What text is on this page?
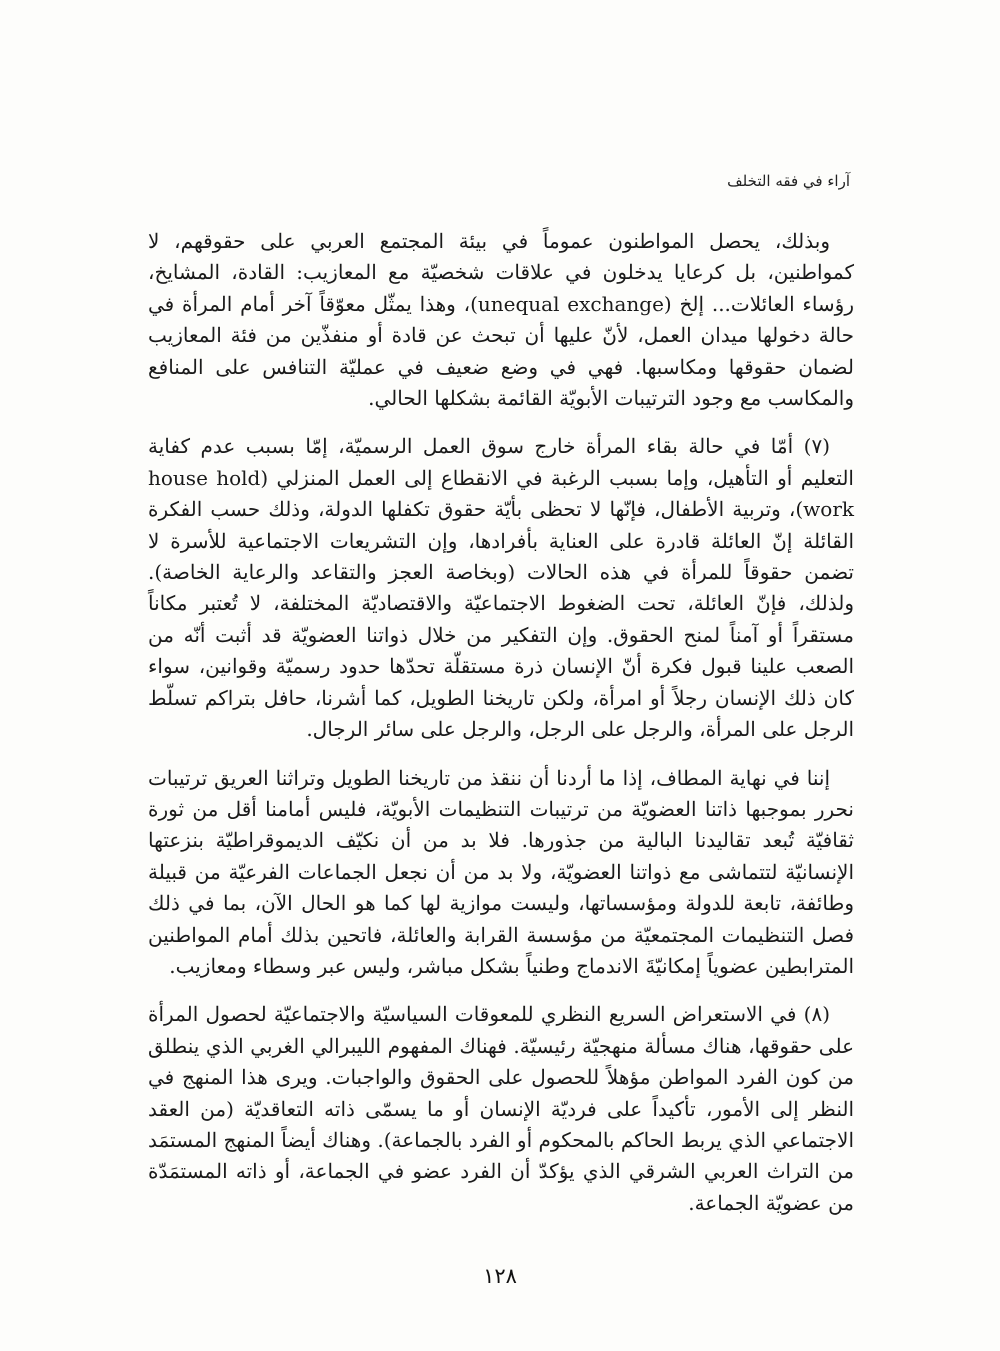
آراء في فقه التخلف

وبذلك، يحصل المواطنون عموماً في بيئة المجتمع العربي على حقوقهم، لا كمواطنين، بل كرعايا يدخلون في علاقات شخصيّة مع المعازيب: القادة، المشايخ، رؤساء العائلات... إلخ (unequal exchange)، وهذا يمثّل معوّقاً آخر أمام المرأة في حالة دخولها ميدان العمل، لأنّ عليها أن تبحث عن قادة أو منفذّين من فئة المعازيب لضمان حقوقها ومكاسبها. فهي في وضع ضعيف في عمليّة التنافس على المنافع والمكاسب مع وجود الترتيبات الأبويّة القائمة بشكلها الحالي.

(٧) أمّا في حالة بقاء المرأة خارج سوق العمل الرسميّة، إمّا بسبب عدم كفاية التعليم أو التأهيل، وإما بسبب الرغبة في الانقطاع إلى العمل المنزلي (house hold work)، وتربية الأطفال، فإنّها لا تحظى بأيّة حقوق تكفلها الدولة، وذلك حسب الفكرة القائلة إنّ العائلة قادرة على العناية بأفرادها، وإن التشريعات الاجتماعية للأسرة لا تضمن حقوقاً للمرأة في هذه الحالات (وبخاصة العجز والتقاعد والرعاية الخاصة). ولذلك، فإنّ العائلة، تحت الضغوط الاجتماعيّة والاقتصاديّة المختلفة، لا تُعتبر مكاناً مستقراً أو آمناً لمنح الحقوق. وإن التفكير من خلال ذواتنا العضويّة قد أثبت أنّه من الصعب علينا قبول فكرة أنّ الإنسان ذرة مستقلّة تحدّها حدود رسميّة وقوانين، سواء كان ذلك الإنسان رجلاً أو امرأة، ولكن تاريخنا الطويل، كما أشرنا، حافل بتراكم تسلّط الرجل على المرأة، والرجل على الرجل، والرجل على سائر الرجال.

إننا في نهاية المطاف، إذا ما أردنا أن ننقذ من تاريخنا الطويل وتراثنا العريق ترتيبات نحرر بموجبها ذاتنا العضويّة من ترتيبات التنظيمات الأبويّة، فليس أمامنا أقل من ثورة ثقافيّة تُبعد تقاليدنا البالية من جذورها. فلا بد من أن نكيّف الديموقراطيّة بنزعتها الإنسانيّة لتتماشى مع ذواتنا العضويّة، ولا بد من أن نجعل الجماعات الفرعيّة من قبيلة وطائفة، تابعة للدولة ومؤسساتها، وليست موازية لها كما هو الحال الآن، بما في ذلك فصل التنظيمات المجتمعيّة من مؤسسة القرابة والعائلة، فاتحين بذلك أمام المواطنين المترابطين عضوياً إمكانيّةَ الاندماج وطنياً بشكل مباشر، وليس عبر وسطاء ومعازيب.

(٨) في الاستعراض السريع النظري للمعوقات السياسيّة والاجتماعيّة لحصول المرأة على حقوقها، هناك مسألة منهجيّة رئيسيّة. فهناك المفهوم الليبرالي الغربي الذي ينطلق من كون الفرد المواطن مؤهلاً للحصول على الحقوق والواجبات. ويرى هذا المنهج في النظر إلى الأمور، تأكيداً على فرديّة الإنسان أو ما يسمّى ذاته التعاقديّة (من العقد الاجتماعي الذي يربط الحاكم بالمحكوم أو الفرد بالجماعة). وهناك أيضاً المنهج المستمَد من التراث العربي الشرقي الذي يؤكدّ أن الفرد عضو في الجماعة، أو ذاته المستمَدّة من عضويّة الجماعة.

١٢٨
